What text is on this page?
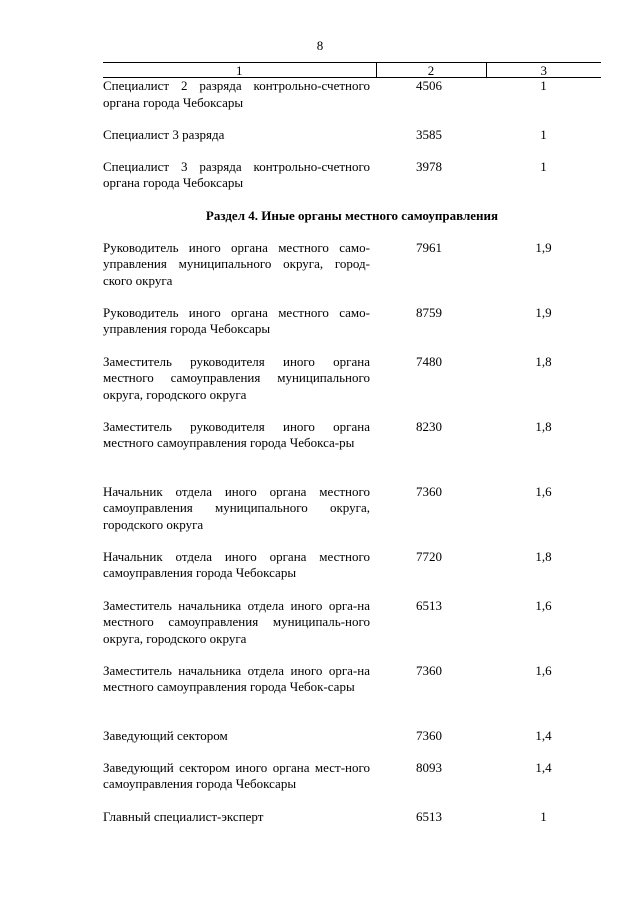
8
1	2	3
Специалист 2 разряда контрольно-счетного органа города Чебоксары	4506	1
Специалист 3 разряда	3585	1
Специалист 3 разряда контрольно-счетного органа города Чебоксары	3978	1
Раздел 4. Иные органы местного самоуправления		
Руководитель иного органа местного само-управления муниципального округа, город-ского округа	7961	1,9
Руководитель иного органа местного само-управления города Чебоксары	8759	1,9
Заместитель руководителя иного органа местного самоуправления муниципального округа, городского округа	7480	1,8
Заместитель руководителя иного органа местного самоуправления города Чебокса-ры	8230	1,8
Начальник отдела иного органа местного самоуправления муниципального округа, городского округа	7360	1,6
Начальник отдела иного органа местного самоуправления города Чебоксары	7720	1,8
Заместитель начальника отдела иного орга-на местного самоуправления муниципаль-ного округа, городского округа	6513	1,6
Заместитель начальника отдела иного орга-на местного самоуправления города Чебок-сары	7360	1,6
Заведующий сектором	7360	1,4
Заведующий сектором иного органа мест-ного самоуправления города Чебоксары	8093	1,4
Главный специалист-эксперт	6513	1
